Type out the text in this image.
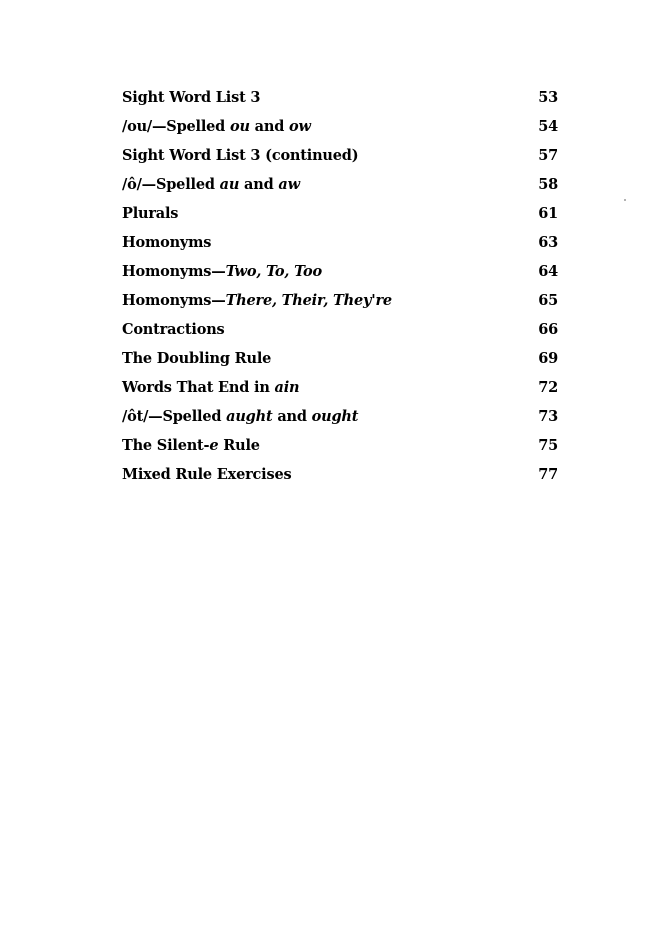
Sight Word List 3	53
/ou/—Spelled ou and ow	54
Sight Word List 3 (continued)	57
/ô/—Spelled au and aw	58
Plurals	61
Homonyms	63
Homonyms—Two, To, Too	64
Homonyms—There, Their, They're	65
Contractions	66
The Doubling Rule	69
Words That End in ain	72
/ôt/—Spelled aught and ought	73
The Silent-e Rule	75
Mixed Rule Exercises	77
